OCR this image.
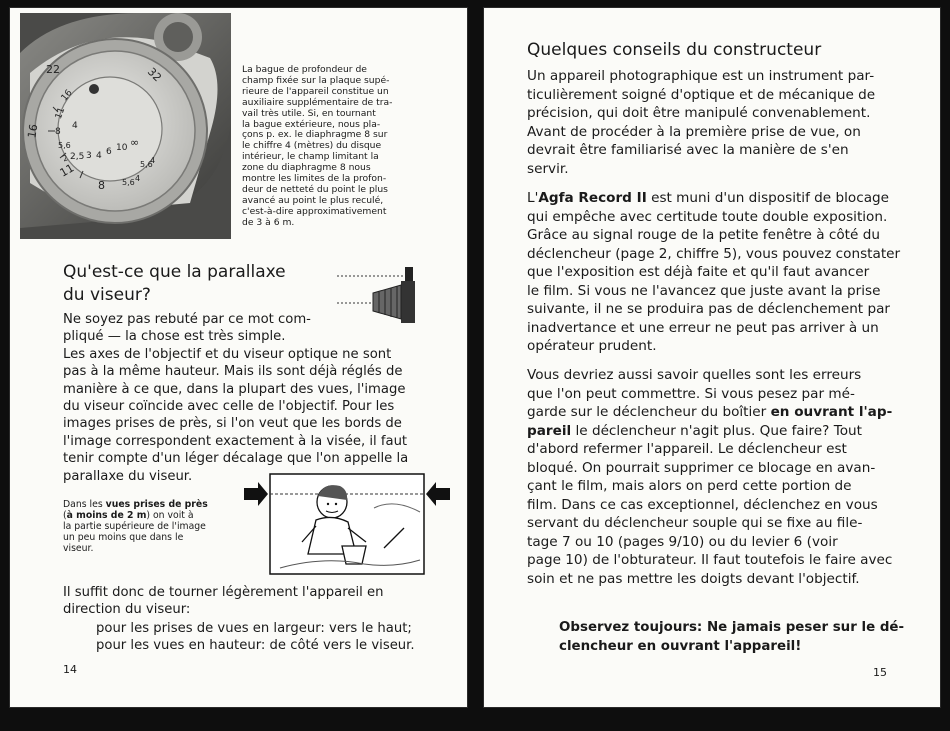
22
16
32
11
8
16
11
8
5,6
4
2 2,5 3 4 6 10 ∞
5,6 4
5,6
4
La bague de profondeur de
champ fixée sur la plaque supé-
rieure de l'appareil constitue un
auxiliaire supplémentaire de tra-
vail très utile. Si, en tournant
la bague extérieure, nous pla-
çons p. ex. le diaphragme 8 sur
le chiffre 4 (mètres) du disque
intérieur, le champ limitant la
zone du diaphragme 8 nous
montre les limites de la profon-
deur de netteté du point le plus
avancé au point le plus reculé,
c'est-à-dire approximativement
de 3 à 6 m.
Qu'est-ce que la parallaxe
du viseur?
Ne soyez pas rebuté par ce mot com-
pliqué — la chose est très simple.
Les axes de l'objectif et du viseur optique ne sont
pas à la même hauteur. Mais ils sont déjà réglés de
manière à ce que, dans la plupart des vues, l'image
du viseur coïncide avec celle de l'objectif. Pour les
images prises de près, si l'on veut que les bords de
l'image correspondent exactement à la visée, il faut
tenir compte d'un léger décalage que l'on appelle la
parallaxe du viseur.
Dans les vues prises de près
(à moins de 2 m) on voit à
la partie supérieure de l'image
un peu moins que dans le
viseur.
Il suffit donc de tourner légèrement l'appareil en
direction du viseur:
pour les prises de vues en largeur: vers le haut;
pour les vues en hauteur: de côté vers le viseur.
14
Quelques conseils du constructeur
Un appareil photographique est un instrument par-
ticulièrement soigné d'optique et de mécanique de
précision, qui doit être manipulé convenablement.
Avant de procéder à la première prise de vue, on
devrait être familiarisé avec la manière de s'en
servir.
L'Agfa Record II est muni d'un dispositif de blocage
qui empêche avec certitude toute double exposition.
Grâce au signal rouge de la petite fenêtre à côté du
déclencheur (page 2, chiffre 5), vous pouvez constater
que l'exposition est déjà faite et qu'il faut avancer
le film. Si vous ne l'avancez que juste avant la prise
suivante, il ne se produira pas de déclenchement par
inadvertance et une erreur ne peut pas arriver à un
opérateur prudent.
Vous devriez aussi savoir quelles sont les erreurs
que l'on peut commettre. Si vous pesez par mé-
garde sur le déclencheur du boîtier en ouvrant l'ap-
pareil le déclencheur n'agit plus. Que faire? Tout
d'abord refermer l'appareil. Le déclencheur est
bloqué. On pourrait supprimer ce blocage en avan-
çant le film, mais alors on perd cette portion de
film. Dans ce cas exceptionnel, déclenchez en vous
servant du déclencheur souple qui se fixe au file-
tage 7 ou 10 (pages 9/10) ou du levier 6 (voir
page 10) de l'obturateur. Il faut toutefois le faire avec
soin et ne pas mettre les doigts devant l'objectif.
Observez toujours: Ne jamais peser sur le dé-
clencheur en ouvrant l'appareil!
15
